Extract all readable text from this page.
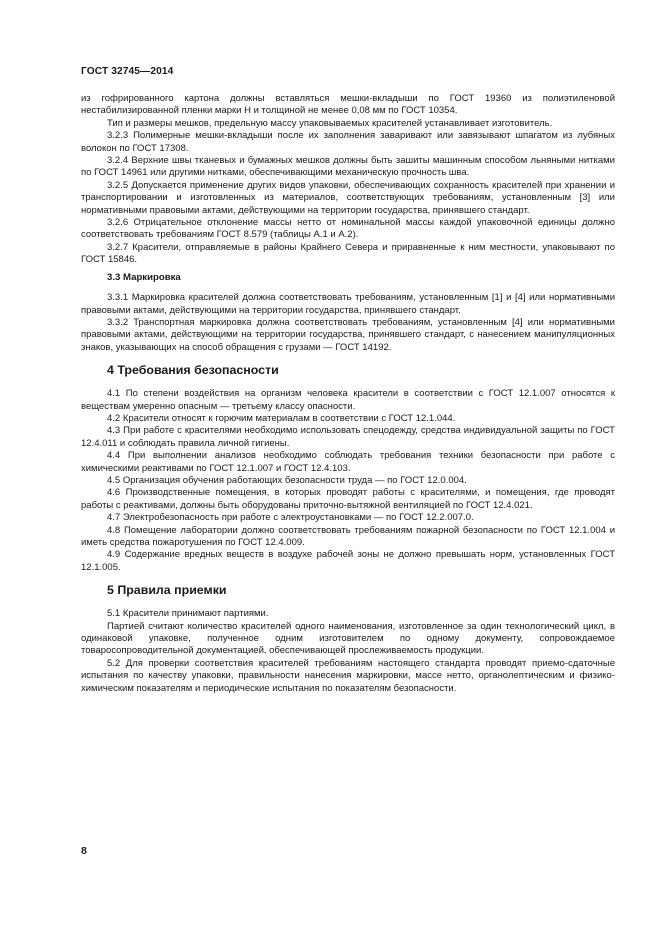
ГОСТ 32745—2014

из гофрированного картона должны вставляться мешки-вкладыши по ГОСТ 19360 из полиэтиленовой нестабилизированной пленки марки Н и толщиной не менее 0,08 мм по ГОСТ 10354.

Тип и размеры мешков, предельную массу упаковываемых красителей устанавливает изготовитель.

3.2.3 Полимерные мешки-вкладыши после их заполнения заваривают или завязывают шпагатом из лубяных волокон по ГОСТ 17308.

3.2.4 Верхние швы тканевых и бумажных мешков должны быть зашиты машинным способом льняными нитками по ГОСТ 14961 или другими нитками, обеспечивающими механическую прочность шва.

3.2.5 Допускается применение других видов упаковки, обеспечивающих сохранность красителей при хранении и транспортировании и изготовленных из материалов, соответствующих требованиям, установленным [3] или нормативными правовыми актами, действующими на территории государства, принявшего стандарт.

3.2.6 Отрицательное отклонение массы нетто от номинальной массы каждой упаковочной единицы должно соответствовать требованиям ГОСТ 8.579 (таблицы А.1 и А.2).

3.2.7 Красители, отправляемые в районы Крайнего Севера и приравненные к ним местности, упаковывают по ГОСТ 15846.

3.3 Маркировка

3.3.1 Маркировка красителей должна соответствовать требованиям, установленным [1] и [4] или нормативными правовыми актами, действующими на территории государства, принявшего стандарт.

3.3.2 Транспортная маркировка должна соответствовать требованиям, установленным [4] или нормативными правовыми актами, действующими на территории государства, принявшего стандарт, с нанесением манипуляционных знаков, указывающих на способ обращения с грузами — ГОСТ 14192.

4 Требования безопасности

4.1 По степени воздействия на организм человека красители в соответствии с ГОСТ 12.1.007 относятся к веществам умеренно опасным — третьему классу опасности.

4.2 Красители относят к горючим материалам в соответствии с ГОСТ 12.1.044.

4.3 При работе с красителями необходимо использовать спецодежду, средства индивидуальной защиты по ГОСТ 12.4.011 и соблюдать правила личной гигиены.

4.4 При выполнении анализов необходимо соблюдать требования техники безопасности при работе с химическими реактивами по ГОСТ 12.1.007 и ГОСТ 12.4.103.

4.5 Организация обучения работающих безопасности труда — по ГОСТ 12.0.004.

4.6 Производственные помещения, в которых проводят работы с красителями, и помещения, где проводят работы с реактивами, должны быть оборудованы приточно-вытяжной вентиляцией по ГОСТ 12.4.021.

4.7 Электробезопасность при работе с электроустановками — по ГОСТ 12.2.007.0.

4.8 Помещение лаборатории должно соответствовать требованиям пожарной безопасности по ГОСТ 12.1.004 и иметь средства пожаротушения по ГОСТ 12.4.009.

4.9 Содержание вредных веществ в воздухе рабочей зоны не должно превышать норм, установленных ГОСТ 12.1.005.

5 Правила приемки

5.1 Красители принимают партиями.

Партией считают количество красителей одного наименования, изготовленное за один технологический цикл, в одинаковой упаковке, полученное одним изготовителем по одному документу, сопровождаемое товаросопроводительной документацией, обеспечивающей прослеживаемость продукции.

5.2 Для проверки соответствия красителей требованиям настоящего стандарта проводят приемо-сдаточные испытания по качеству упаковки, правильности нанесения маркировки, массе нетто, органолептическим и физико-химическим показателям и периодические испытания по показателям безопасности.

8
